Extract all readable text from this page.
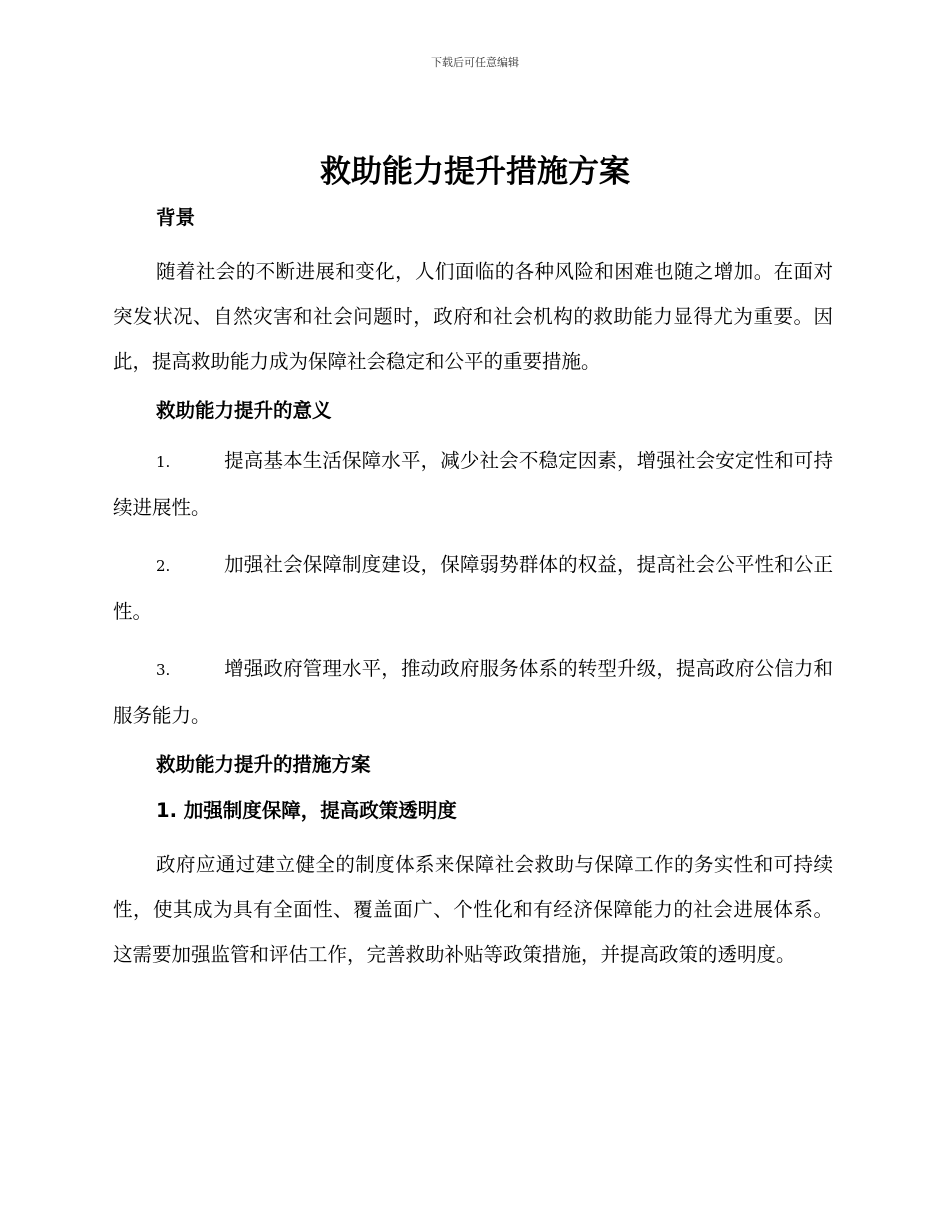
下载后可任意编辑
救助能力提升措施方案

背景

随着社会的不断进展和变化，人们面临的各种风险和困难也随之增加。在面对突发状况、自然灾害和社会问题时，政府和社会机构的救助能力显得尤为重要。因此，提高救助能力成为保障社会稳定和公平的重要措施。

救助能力提升的意义

1.	提高基本生活保障水平，减少社会不稳定因素，增强社会安定性和可持续进展性。

2.	加强社会保障制度建设，保障弱势群体的权益，提高社会公平性和公正性。

3.	增强政府管理水平，推动政府服务体系的转型升级，提高政府公信力和服务能力。

救助能力提升的措施方案

1. 加强制度保障，提高政策透明度

政府应通过建立健全的制度体系来保障社会救助与保障工作的务实性和可持续性，使其成为具有全面性、覆盖面广、个性化和有经济保障能力的社会进展体系。这需要加强监管和评估工作，完善救助补贴等政策措施，并提高政策的透明度。
